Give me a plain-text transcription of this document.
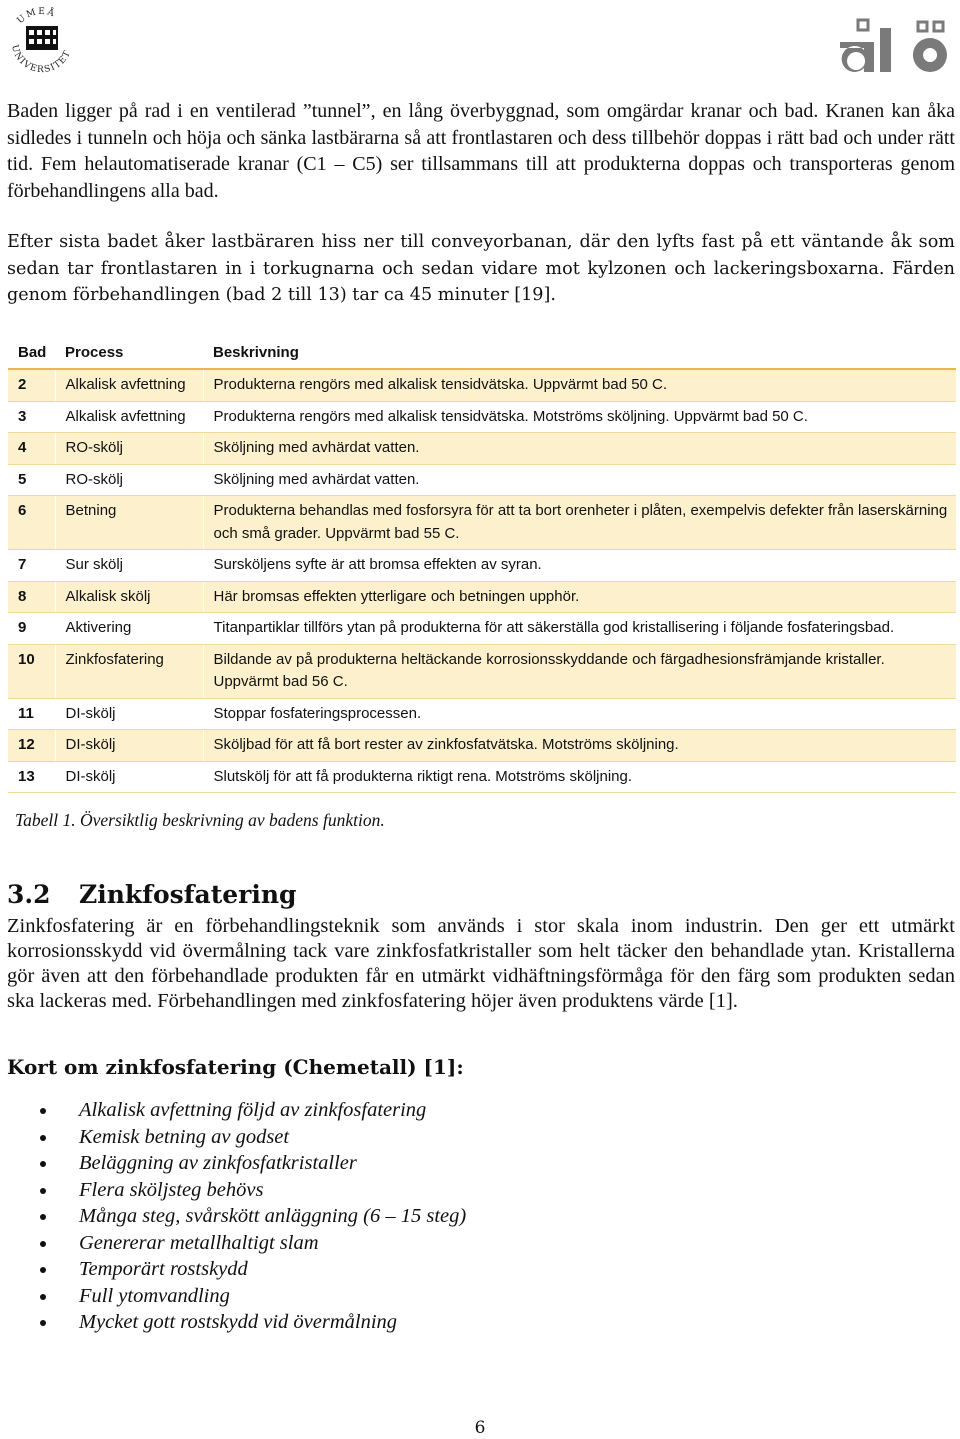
UMEÅ
UNIVERSITET

Baden ligger på rad i en ventilerad ”tunnel”, en lång överbyggnad, som omgärdar kranar och bad. Kranen kan åka sidledes i tunneln och höja och sänka lastbärarna så att frontlastaren och dess tillbehör doppas i rätt bad och under rätt tid. Fem helautomatiserade kranar (C1 – C5) ser tillsammans till att produkterna doppas och transporteras genom förbehandlingens alla bad.

Efter sista badet åker lastbäraren hiss ner till conveyorbanan, där den lyfts fast på ett väntande åk som sedan tar frontlastaren in i torkugnarna och sedan vidare mot kylzonen och lackeringsboxarna. Färden genom förbehandlingen (bad 2 till 13) tar ca 45 minuter [19].

Bad	Process	Beskrivning
2	Alkalisk avfettning	Produkterna rengörs med alkalisk tensidvätska. Uppvärmt bad 50 C.
3	Alkalisk avfettning	Produkterna rengörs med alkalisk tensidvätska. Motströms sköljning. Uppvärmt bad 50 C.
4	RO-skölj	Sköljning med avhärdat vatten.
5	RO-skölj	Sköljning med avhärdat vatten.
6	Betning	Produkterna behandlas med fosforsyra för att ta bort orenheter i plåten, exempelvis defekter från laserskärning och små grader. Uppvärmt bad 55 C.
7	Sur skölj	Sursköljens syfte är att bromsa effekten av syran.
8	Alkalisk skölj	Här bromsas effekten ytterligare och betningen upphör.
9	Aktivering	Titanpartiklar tillförs ytan på produkterna för att säkerställa god kristallisering i följande fosfateringsbad.
10	Zinkfosfatering	Bildande av på produkterna heltäckande korrosionsskyddande och färgadhesionsfrämjande kristaller. Uppvärmt bad 56 C.
11	DI-skölj	Stoppar fosfateringsprocessen.
12	DI-skölj	Sköljbad för att få bort rester av zinkfosfatvätska. Motströms sköljning.
13	DI-skölj	Slutskölj för att få produkterna riktigt rena. Motströms sköljning.
Tabell 1. Översiktlig beskrivning av badens funktion.
3.2 Zinkfosfatering

Zinkfosfatering är en förbehandlingsteknik som används i stor skala inom industrin. Den ger ett utmärkt korrosionsskydd vid övermålning tack vare zinkfosfatkristaller som helt täcker den behandlade ytan. Kristallerna gör även att den förbehandlade produkten får en utmärkt vidhäftningsförmåga för den färg som produkten sedan ska lackeras med. Förbehandlingen med zinkfosfatering höjer även produktens värde [1].

Kort om zinkfosfatering (Chemetall) [1]:
Alkalisk avfettning följd av zinkfosfatering
Kemisk betning av godset
Beläggning av zinkfosfatkristaller
Flera sköljsteg behövs
Många steg, svårskött anläggning (6 – 15 steg)
Genererar metallhaltigt slam
Temporärt rostskydd
Full ytomvandling
Mycket gott rostskydd vid övermålning
6
